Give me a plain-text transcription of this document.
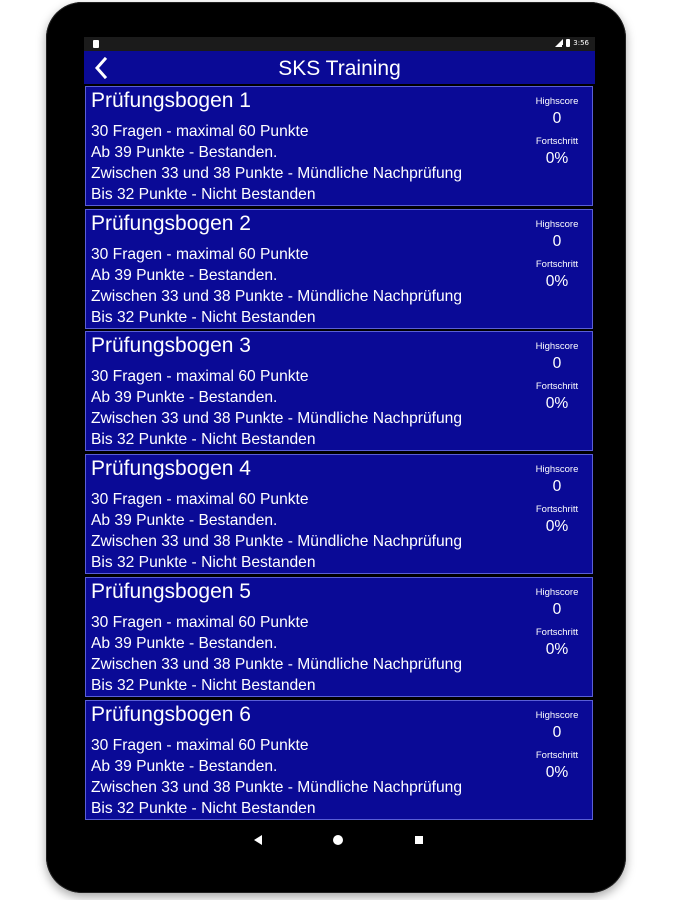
3:56
SKS Training
Prüfungsbogen 1
30 Fragen - maximal 60 Punkte
Ab 39 Punkte - Bestanden.
Zwischen 33 und 38 Punkte - Mündliche Nachprüfung
Bis 32 Punkte - Nicht Bestanden
Highscore
0
Fortschritt
0%
Prüfungsbogen 2
30 Fragen - maximal 60 Punkte
Ab 39 Punkte - Bestanden.
Zwischen 33 und 38 Punkte - Mündliche Nachprüfung
Bis 32 Punkte - Nicht Bestanden
Highscore
0
Fortschritt
0%
Prüfungsbogen 3
30 Fragen - maximal 60 Punkte
Ab 39 Punkte - Bestanden.
Zwischen 33 und 38 Punkte - Mündliche Nachprüfung
Bis 32 Punkte - Nicht Bestanden
Highscore
0
Fortschritt
0%
Prüfungsbogen 4
30 Fragen - maximal 60 Punkte
Ab 39 Punkte - Bestanden.
Zwischen 33 und 38 Punkte - Mündliche Nachprüfung
Bis 32 Punkte - Nicht Bestanden
Highscore
0
Fortschritt
0%
Prüfungsbogen 5
30 Fragen - maximal 60 Punkte
Ab 39 Punkte - Bestanden.
Zwischen 33 und 38 Punkte - Mündliche Nachprüfung
Bis 32 Punkte - Nicht Bestanden
Highscore
0
Fortschritt
0%
Prüfungsbogen 6
30 Fragen - maximal 60 Punkte
Ab 39 Punkte - Bestanden.
Zwischen 33 und 38 Punkte - Mündliche Nachprüfung
Bis 32 Punkte - Nicht Bestanden
Highscore
0
Fortschritt
0%
